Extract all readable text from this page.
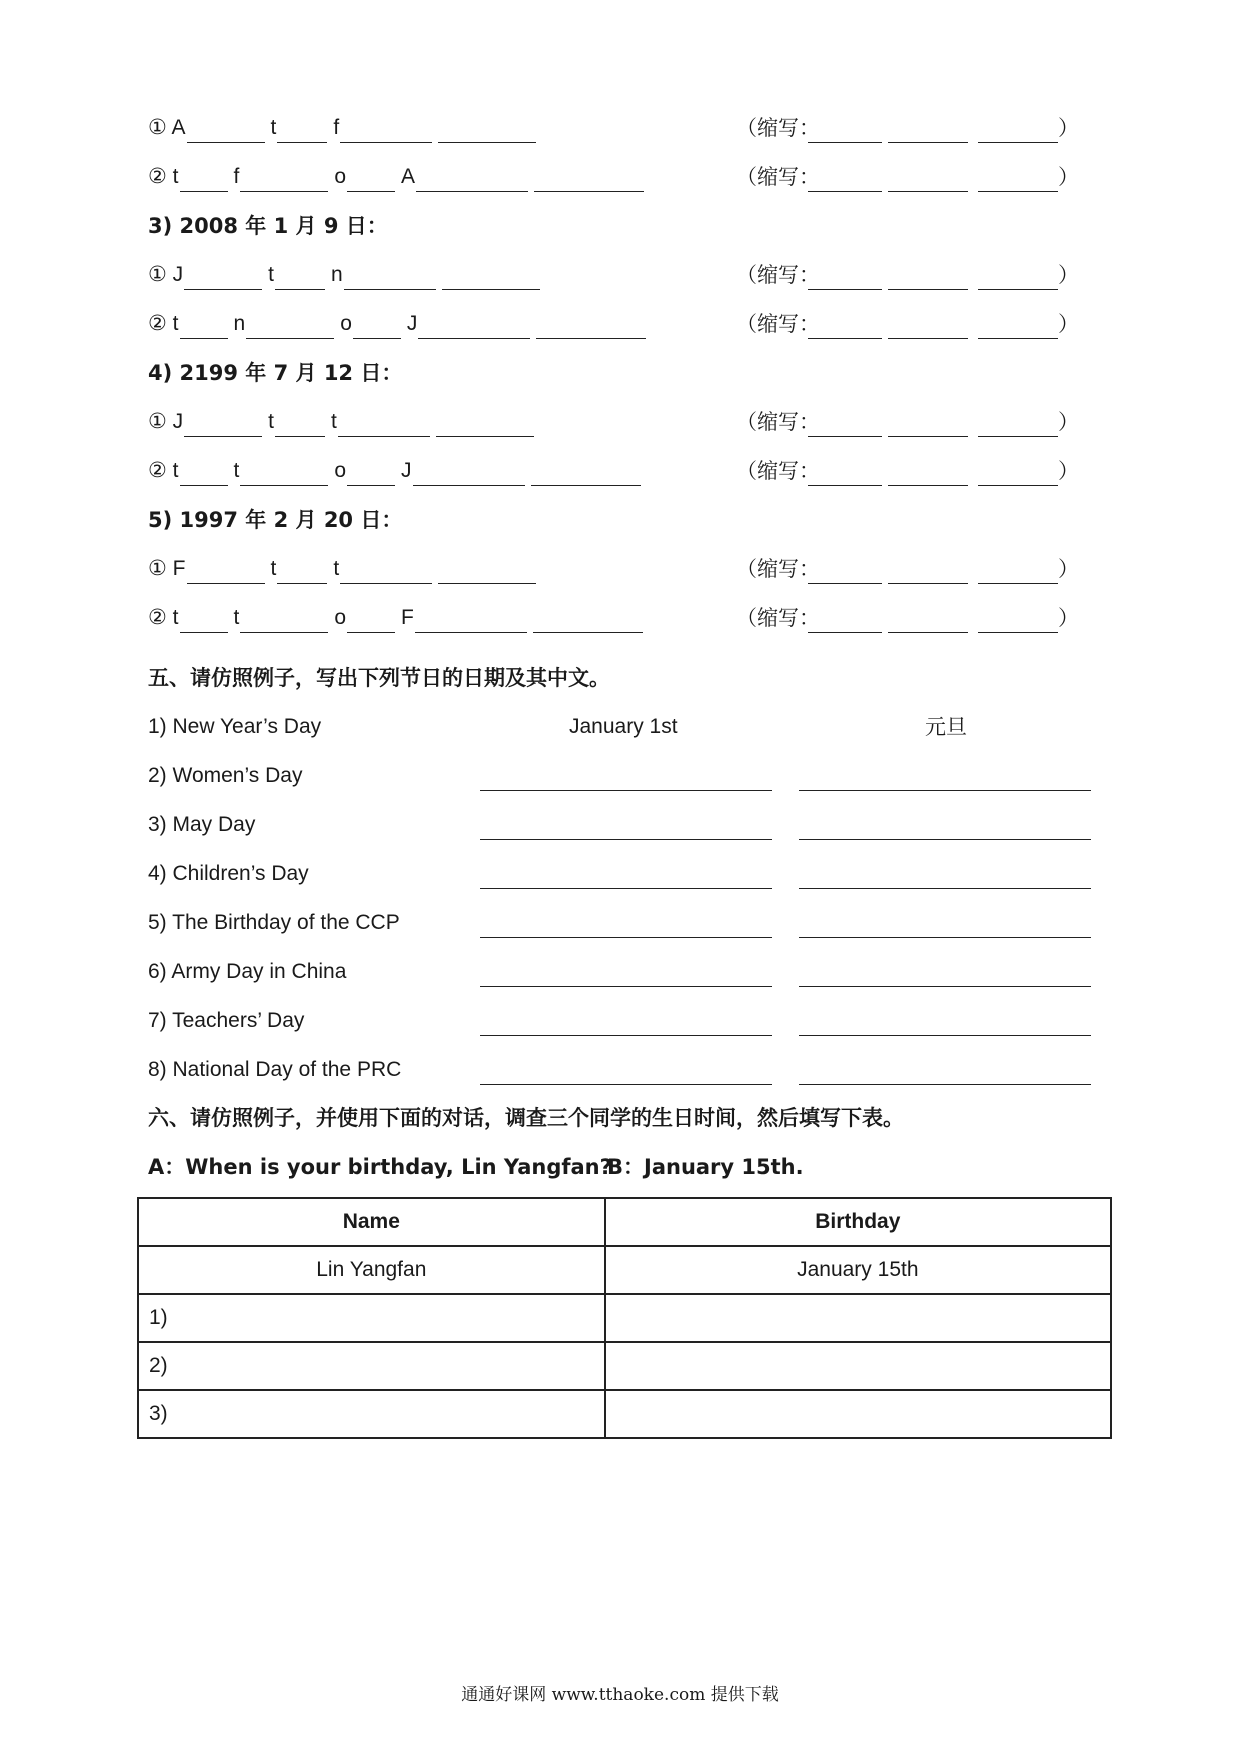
① A	t	f	（缩写：	）
② t	f	o	A	（缩写：	）
3) 2008 年 1 月 9 日：
① J	t	n	（缩写：	）
② t	n	o	J	（缩写：	）
4) 2199 年 7 月 12 日：
① J	t	t	（缩写：	）
② t	t	o	J	（缩写：	）
5) 1997 年 2 月 20 日：
① F	t	t	（缩写：	）
② t	t	o	F	（缩写：	）
五、请仿照例子，写出下列节日的日期及其中文。
1) New Year’s Day	January 1st	元旦
2) Women’s Day
3) May Day
4) Children’s Day
5) The Birthday of the CCP
6) Army Day in China
7) Teachers’ Day
8) National Day of the PRC
六、请仿照例子，并使用下面的对话，调查三个同学的生日时间，然后填写下表。
A：When is your birthday, Lin Yangfan?
B：January 15th.
Name	Birthday
Lin Yangfan	January 15th
1)	
2)	
3)	
通通好课网 www.tthaoke.com 提供下载
